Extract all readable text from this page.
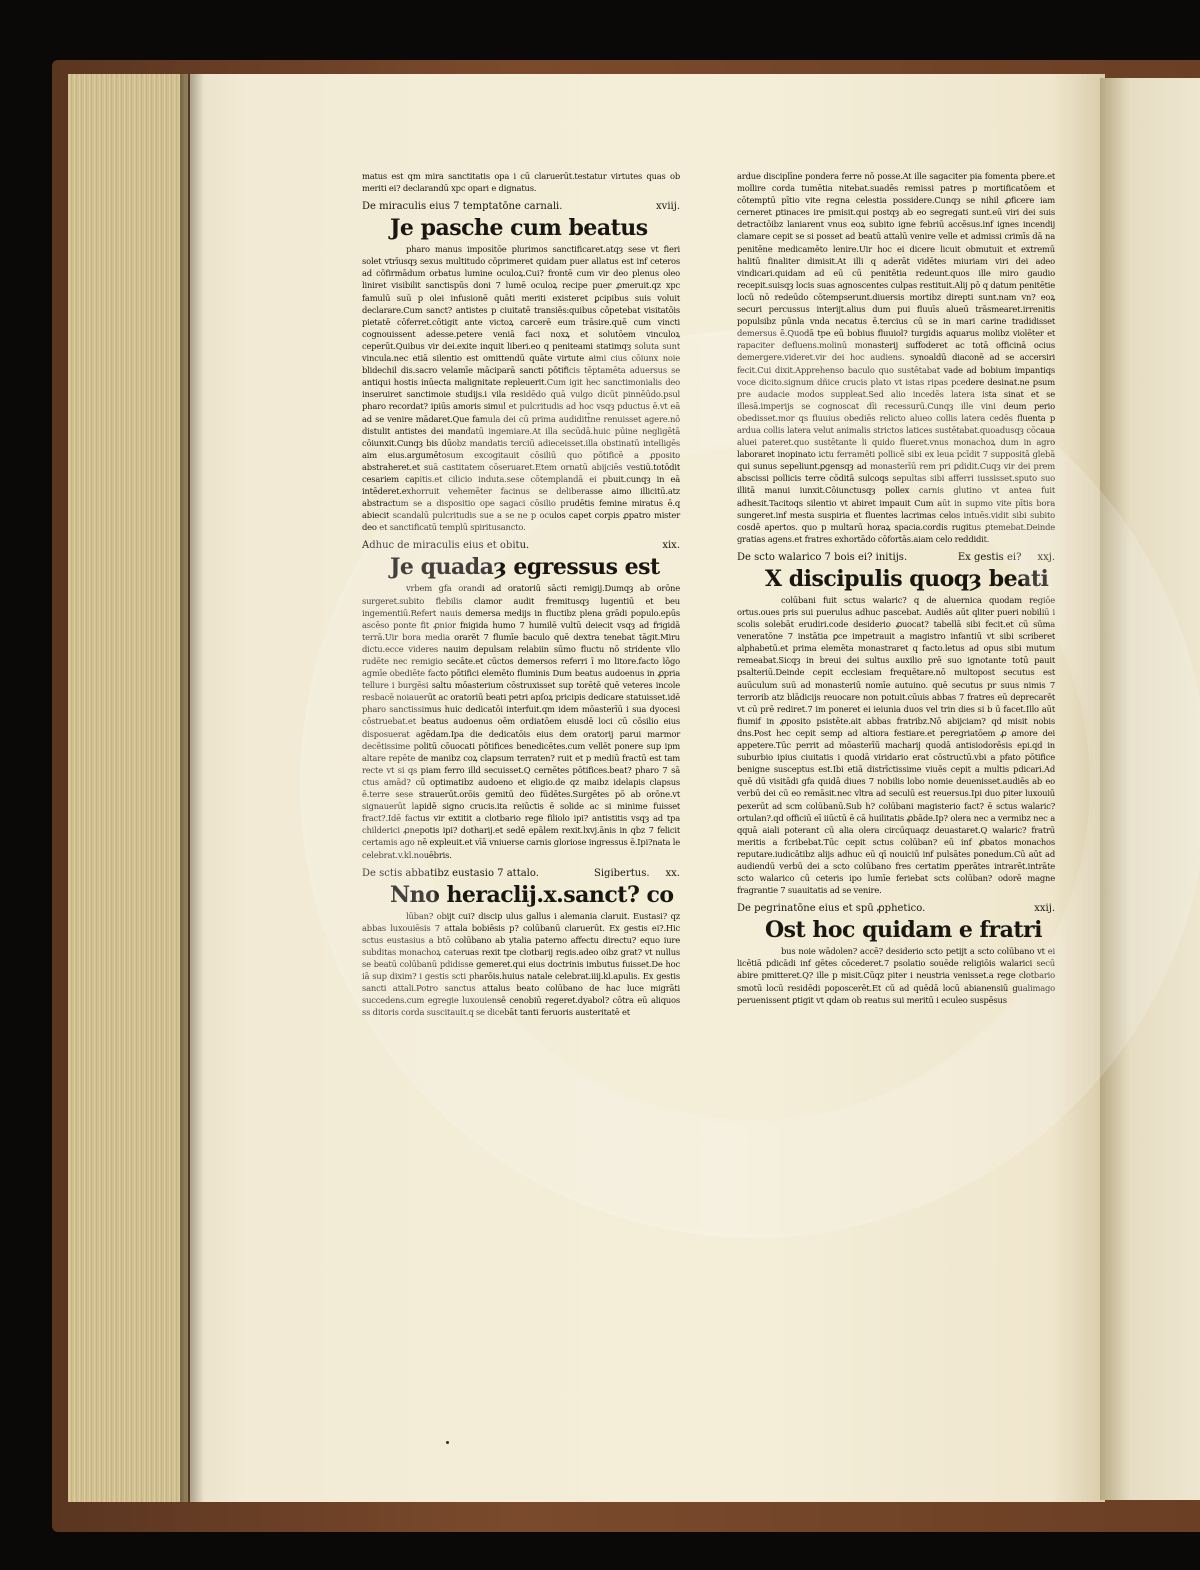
matus est qm mira sanctitatis opa i cū claruerūt.testatur virtutes quas ob meriti ei? declarandū xpc opari e dignatus.

De miraculis eius 7 temptatōne carnali.	xviij.
Je pasche cum beatus

pharo manus imposi̇tōe plurimos sanctificaret.atqȝ sese vt fieri solet vtrīusqȝ sexus multitudo cōprimeret quidam puer allatus est inf ceteros ad cōfirmādum orbatus lumine oculoꝝ.Cui? frontē cum vir deo plenus oleo liniret visibilit sanctispūs doni 7 lumē oculoꝝ recipe puer ꝓmeruit.qz xpc famulū suū p olei infusionē quāti meriti existeret ꝑcipibus suis voluit declarare.Cum sanct? antistes p ciuitatē transiēs:quibus cōpetebat visitatōis pietatē cōferret.cōtigit ante victoꝝ carcerē eum trāsire.quē cum vincti cognouissent adesse.petere veniā faci noxꝝ et solutōem vinculoꝝ ceperūt.Quibus vir dei.exite inquit liberi.eo q peniteami statimqȝ soluta sunt vincula.nec etiā silentio est omittendū quāte virtute aimi cius cōiunx noie blidechil dis.sacro velamīe māciparā sancti pōtificis tēptamēta aduersus se antiqui hostis inūecta malignitate repleuerit.Cum igit hec sanctimonialis deo inseruiret sanctimoie studijs.i vila residēdo quā vulgo dicūt pinnēūdo.psul pharo recordat? ipiūs amoris simul et pulcritudis ad hoc vsqȝ pductus ē.vt eā ad se venire mādaret.Que famula dei cū prima audiditt̄ne renuisset agere.nō distulit antistes dei mandatū ingemiare.At illa secūdā.huic pūine negligētā cōiunxit.Cunqȝ bis dūobz mandatis terciū adieceisset.illa obstinatū intelligēs aim eius.argumētosum excogitauit cōsiliū quo pōtificē a ꝓposito abstraheret.et suā castitatem cōseruaret.Etem ornatū abijciēs vestiū.totōdit cesariem capitis.et cilicio induta.sese cōtemplandā ei pbuit.cunqȝ in eā intēderet.exhorruit vehemēter facinus se deliberasse aimo illicitū.atz abstractum se a dispositio ope sagaci cōsilio prudētis femine miratus ē.q abiecit scandalū pulcritudis sue a se ne p oculos capet corpis ꝓpatro mister deo et sanctificatū templū spiritusancto.

Adhuc de miraculis eius et obitu.	xix.
Je quadaȝ egressus est

vrbem gfa orandi ad oratoriū sācti remigij.Dumqȝ ab orōne surgeret.subito flebilis clamor audit fremitusqȝ lugentiū et beu ingementiū.Refert nauis demersa medijs in fluctibz plena grādi populo.epūs ascēso ponte fit ꝓnior fnigida humo 7 humilē vultū deiecit vsqȝ ad frigidā terrā.Uir bora media orarēt 7 flumīe baculo quē dextra tenebat tāgit.Miru dictu.ecce videres nauim depulsam relabiin sūmo fluctu nō stridente vllo rudēte nec remigio secāte.et cūctos demersos referri ī mo litore.facto lōgo agmīe obediēte facto pōtifici elemēto fluminis Dum beatus audoenus in ꝓpria tellure i burgēsi saltu mōasterium cōstruxisset sup torētē quē veteres incole resbacē noiauerūt ac oratoriū beati petri apſoꝝ pricipis dedicare statuisset.idē pharo sanctissimus huic dedicatōi interfuit.qm idem mōasterīū i sua dyocesi cōstruebat.et beatus audoenus oēm ordiatōem eiusdē loci cū cōsilio eius disposuerat agēdam.Ipa die dedicatōis eius dem oratorij parui marmor decētissime politū cōuocati pōtifices benedicētes.cum vellēt ponere sup ipm altare repēte de manibz coꝝ clapsum terraten? ruit et p mediū fractū est tam recte vt si qs piam ferro illd secuisset.Q cernētes pōtifices.beat? pharo 7 sā ctus amād? cū optimatibz audoeno et eligio.de qz maibz idelapis clapsus ē.terre sese strauerūt.orōis gemitū deo fūdētes.Surgētes pō ab orōne.vt signauerūt lapidē signo crucis.ita reiūctis ē solide ac si minime fuisset fract?.Idē factus vir extitit a clotbario rege filiolo ipi? antistitis vsqȝ ad tpa childerici ꝓnepotis ipi? dotharij.et sedē epālem rexit.lxvj.ānis in qbz 7 felicit certamis ago nē expleuit.et vīā vniuerse carnis gloriose ingressus ē.Ipi?nata le celebrat.v.kl.nouēbris.

De sctis abbatibz eustasio 7 attalo.	Sigibertus. xx.
Nno heraclij.x.sanct? co

lūban? obijt cui? discip ulus gallus i alemania claruit. Eustasi? qz abbas luxouiēsis 7 attala bobiēsis p? colūbanū claruerūt. Ex gestis ei?.Hic sctus eustasius a btō colūbano ab ytalia paterno affectu directu? equo iure subditas monachoꝝ cateruas rexit tpe clotbarij regis.adeo oibz grat? vt nullus se beatū colūbanū pdidisse gemeret.qui eius doctrinis imbutus fuisset.De hoc iā sup dixim? i gestis scti pharōis.huius natale celebrat.iiij.kl.apulis. Ex gestis sancti attali.Potro sanctus attalus beato colūbano de hac luce migrāti succedens.cum egregie luxouiensē cenobiū regeret.dyabol? cōtra eū aliquos ss ditoris corda suscitauit.q se dicebāt tanti feruoris austeritatē et

ardue disciplīne pondera ferre nō posse.At ille sagaciter pia fomenta pbere.et mollire corda tumētia nitebat.suadēs remissi patres p mortificatōem et cōtemptū pītio vite regna celestia possidere.Cunqȝ se nihil ꝓficere iam cerneret ꝑtinaces ire pmisit.qui postqȝ ab eo segregati sunt.eū viri dei suis detractōibz laniarent vnus eoꝝ subito igne febriū accēsus.inf ignes incendij clamare cepit se si posset ad beatū attalū venire velle et admissi crimīs dā na penitēne medicamēto lenire.Uir hoc ei dicere licuit obmutuit et extremū halitū finaliter dimisit.At illi q aderāt vidētes miuriam viri dei adeo vindicari.quidam ad eū cū penitētia redeunt.quos ille miro gaudio recepit.suisqȝ locis suas agnoscentes culpas restituit.Alij pō q datum penitētie locū nō redeūdo cōtempserunt.diuersis mortibz direpti sunt.nam vn? eoꝝ securi percussus interijt.alius dum pui fluuīs alueū trāsmearet.irrenitis populsibz pūnla vnda necatus ē.tercius cū se in mari carine tradidisset demersus ē.Quodā tpe eū bobius fluuiol? turgidis aquarus molibz violēter et rapaciter defluens.molinū monasterij suffoderet ac totā officinā ocius demergere.videret.vir dei hoc audiens. synoaldū diaconē ad se accersiri fecit.Cui dixit.Apprehenso baculo quo sustētabat vade ad bobium impantiqs voce dicito.signum dñice crucis plato vt istas ripas pcedere desinat.ne psum pre audacie modos suppleat.Sed alio incedēs latera ista sinat et se illesā.imperijs se cognoscat dīi recessurū.Cunqȝ ille vini deum perio obedisset.mor qs fluuius obediēs relicto alueo collis latera cedēs fluenta p ardua collis latera velut animalis strictos latices sustētabat.quoadusqȝ cōcaua aluei pateret.quo sustētante li quido flueret.vnus monachoꝝ dum in agro laboraret inopinato ictu ferramēti pollicē sibi ex leua pcīdit 7 suppositā glebā qui sunus sepeliunt.ꝑgensqȝ ad monasterīū rem pri ꝑdidit.Cuqȝ vir dei prem abscissi pollicis terre cōditā sulcoqs sepultas sibi afferri iussisset.sputo suo illitā manui iunxit.Cōiunctusqȝ pollex carnis glutino vt antea fuit adhesit.Tacitoqs silentio vt abiret impauit Cum aūt in supmo vite pītis bora sungeret.inf mesta suspiria et fluentes lacrimas celos intuēs.vidit sibi subito cosdē apertos. quo p multarū horaꝝ spacia.cordis rugitus ꝑtemebat.Deinde gratias agens.et fratres exhortādo cōfortās.aiam celo reddidit.

De scto walarico 7 bois ei? initijs.	Ex gestis ei? xxj.
X discipulis quoqȝ beati

colūbani fuit sctus walaric? q de aluernica quodam regiōe ortus.oues pris sui puerulus adhuc pascebat. Audiēs aūt qliter pueri nobiliū i scolis solebāt erudiri.code desiderio ꝓuocat? tabellā sibi fecit.et cū sūma veneratōne 7 instātia ꝑce impetrauit a magistro infantiū vt sibi scriberet alphabetū.et prima elemēta monastraret q facto.letus ad opus sibi mutum remeabat.Sicqȝ in breui dei sultus auxilio prē suo ignotante totū pauit psalteriū.Deinde cepit ecclesiam frequētare.nō multopost secutus est auūculum suū ad monasteriū nomīe autuino. quē secutus pr suus nimis 7 terrorib atz blādicijs reuocare non potuit.cūuis abbas 7 fratres eū deprecarēt vt cū prē rediret.7 im poneret ei ieiunia duos vel trin dies si b ū facet.Illo aūt fiumif in ꝓposito psistēte.ait abbas fratribz.Nō abijciam? qd misit nobis dns.Post hec cepit semp ad altiora festiare.et peregriatōem ꝓ amore dei appetere.Tūc perrit ad mōasterīū macharij quodā antisiodorēsis epi.qd in suburbio ipius ciuitatis i quodā viridario erat cōstructū.vbi a pfato pōtifice benigne susceptus est.Ibi etiā distrīctissime viuēs cepit a multis pdicari.Ad quē dū visitādi gfa quidā diues 7 nobilis lobo nomie deuenisset.audiēs ab eo verbū dei cū eo remāsit.nec vltra ad seculū est reuersus.Ipi duo piter luxouiū pexerūt ad scm colūbanū.Sub h? colūbani magisterio fact? ē sctus walaric? ortulan?.qd officiū eī iiūctū ē cā huilitatis ꝓbāde.Ip? olera nec a vermibz nec a qquā aiali poterant cū alia olera circūquaqz deuastaret.Q walaric? fratrū meritis a fcribebat.Tūc cepit sctus colūban? eū inf ꝓbatos monachos reputare.iudicātibz alijs adhuc eū qī nouiciū inf pulsātes ponedum.Cū aūt ad audiendū verbū dei a scto colūbano fres certatim ꝑperātes intrarēt.intrāte scto walarico cū ceteris ipo lumīe feriebat scts colūban? odorē magne fragrantie 7 suauitatis ad se venire.

De pegrinatōne eius et spū ꝓphetico.	xxij.
Ost hoc quidam e fratri

bus noie wādolen? accē? desiderio scto petijt a scto colūbano vt ei licētiā pdicādi inf gētes cōcederet.7 psolatio souēde religiōis walarici secū abire pmitteret.Q? ille p misit.Cūqz piter i neustria venisset.a rege clotbario smotū locū residēdi poposcerēt.Et cū ad quēdā locū abianensiū gualimago peruenissent ꝑtigit vt qdam ob reatus sui meritū i eculeo suspēsus
